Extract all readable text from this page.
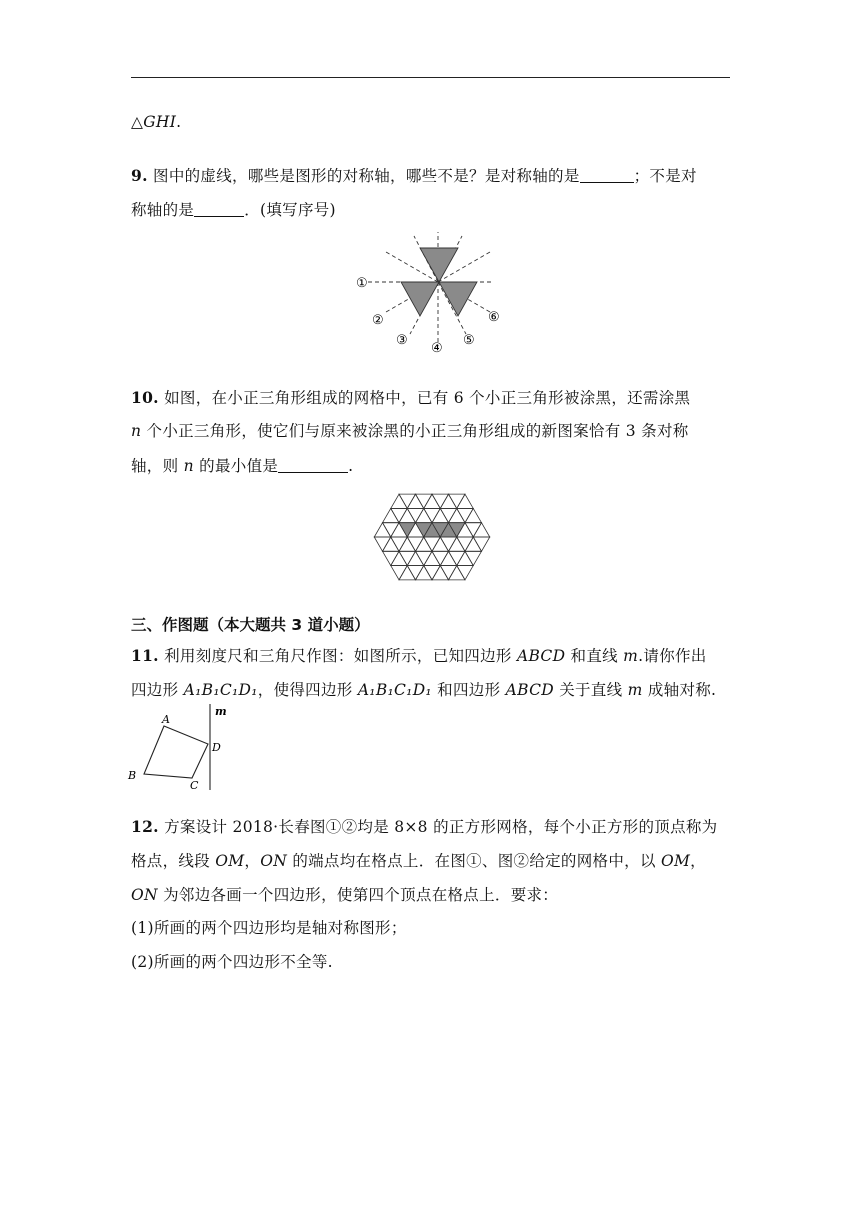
△GHI.
9. 图中的虚线，哪些是图形的对称轴，哪些不是？是对称轴的是	；不是对
称轴的是	．(填写序号)
①
②
③
④
⑤
⑥
10. 如图，在小正三角形组成的网格中，已有 6 个小正三角形被涂黑，还需涂黑
n 个小正三角形，使它们与原来被涂黑的小正三角形组成的新图案恰有 3 条对称
轴，则 n 的最小值是	.
三、作图题（本大题共 3 道小题）
11. 利用刻度尺和三角尺作图：如图所示，已知四边形 ABCD 和直线 m.请你作出
四边形 A₁B₁C₁D₁，使得四边形 A₁B₁C₁D₁ 和四边形 ABCD 关于直线 m 成轴对称.
m
A
D
B
C
12. 方案设计 2018·长春图①②均是 8×8 的正方形网格，每个小正方形的顶点称为
格点，线段 OM，ON 的端点均在格点上．在图①、图②给定的网格中，以 OM，
ON 为邻边各画一个四边形，使第四个顶点在格点上．要求：
(1)所画的两个四边形均是轴对称图形；
(2)所画的两个四边形不全等.
